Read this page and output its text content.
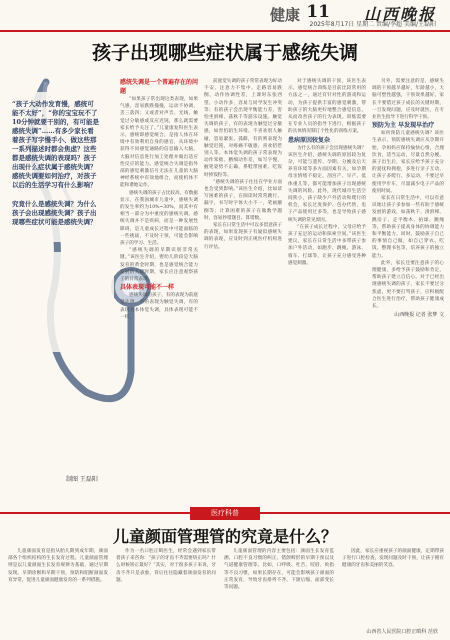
健康 11 山西晚报
2025年8月17日 星期二 责编/李超 美编/王磊阳
孩子出现哪些症状属于感统失调
“孩子大动作发育慢，感统可能不太好”，“你的宝宝玩不了10分钟就要干别的，有可能是感统失调”……有多少家长看着孩子写字慢手小、做这些那一系列描述时都会焦虑？这些都是感统失调的表现吗？孩子出现什么症状属于感统失调？感统失调要如何治疗，对孩子以后的生活学习有什么影响？
究竟什么是感统失调？为什么孩子会出现感统失调？孩子出现哪些症状可能是感统失调？
制图 王磊阳

感统失调是一个普遍存在的问题

“如果孩子常出现这类表现，如果气感，容易跌跌撞撞，运动不协调，丢三落四；又或者对声音、光线、触觉过分敏感或反应迟钝，那么就需要家长给予关注了。”儿童康复科医生表示，感统即感觉统合，是指人体在环境中有效利用自身的感官，从环境中获得不同感觉通路的信息输入大脑，大脑对信息进行加工处理并做出适应性反应的能力。感觉统合失调是指外部的感觉刺激信号无法在儿童的大脑神经系统中有效地组合，而使机体不能和谐地运作。

感统失调的孩子占比较高，有数据显示，在我国城市儿童中，感统失调的发生率约为10%~30%，而其中有相当一部分为中重度的感统失调。感统失调并不是疾病，而是一种发展性障碍，是儿童成长过程中可能面临的一些挑战，不及时干预，可能会影响孩子的学习、生活。

“感统失调的早期识别非常关键。”该医生介绍，婴幼儿阶段是大脑发育的黄金时期，也是感觉统合能力发展的关键时期，家长应注意观察孩子的日常表现。

具体表现可能不一样

感统失调的孩子，有的表现为前庭觉失调，有的表现为触觉失调，有的表现为本体觉失调，具体表现可能不一样。

前庭觉失调的孩子常常表现为好动不安、注意力不集中、走路容易跌倒、动作协调性差，上课时东张西望、小动作多，容易与同学发生冲突等；有的孩子会出现平衡能力差，害怕坐滑梯、荡秋千等游乐设施。触觉失调的孩子，有的表现为触觉过分敏感，如害怕陌生环境、不喜欢别人触碰，容易紧张、孤僻，有的则表现为触觉迟钝，对疼痛不敏感，喜欢招惹别人等。本体觉失调的孩子常表现为动作笨拙、精细动作差，如写字慢、握笔姿势不正确、系鞋带困难、吃饭时掉饭粒等。

“感统失调的孩子往往在学业方面也会受到影响。”该医生介绍，比如读写困难的孩子，在阅读时常常跳行、漏字，书写时字体大小不一，笔画颠倒等；计算困难的孩子在做数学题时，容易抄错题目、算错数。

家长在日常生活中可以多留意孩子的表现，如果发现孩子有疑似感统失调的表现，应及时到正规医疗机构进行评估。

对于感统失调的干预，该医生表示，感觉统合训练是目前比较常用的方法之一，通过有针对性的游戏和运动，为孩子提供丰富的感觉刺激，帮助孩子的大脑更好地整合感觉信息，从而改善孩子的行为表现。训练需要在专业人员的指导下进行，根据孩子的具体情况制订个性化的训练方案。

患病原因较复杂

为什么有的孩子会出现感统失调？该医生介绍，感统失调的原因较为复杂，可能与遗传、孕期、分娩及后天养育环境等多方面因素有关。如孕期母亲情绪不稳定、剖宫产、早产、低体重儿等，都可能增加孩子出现感统失调的风险。此外，现代城市生活空间狭小，孩子缺少户外活动和爬行的机会，家长过度保护、包办代替，电子产品使用过多等，也是导致孩子感统失调的常见原因。

“在孩子成长过程中，父母应给予孩子充足的运动和探索空间。”该医生建议，家长在日常生活中多带孩子参加户外活动，如跑步、跳绳、游泳、骑车、打球等，让孩子充分感受各种感觉刺激。

另外，需要注意的是，感统失调的干预越早越好，年龄越小，大脑可塑性越强，干预效果越好。家长不要错过孩子成长的关键时期，一旦发现问题，应及时就医，在专业医生指导下进行科学干预。

预防为主 早发现早治疗

如何预防儿童感统失调？该医生表示，预防感统失调应从孕期开始，孕妈妈应保持愉快心情，合理饮食，适当运动，尽量自然分娩。孩子出生后，家长应给予孩子充分的爱抚和拥抱，多进行亲子互动，让孩子多爬行、多运动，不要过早使用学步车，尽量减少电子产品的使用时间。

家长在日常生活中，可以有意识地让孩子多参加一些有助于感统发展的游戏，如荡秋千、滑滑梯、跳房子、走平衡木、拍球、跳绳等，帮助孩子提高身体的协调能力和平衡能力。同时，鼓励孩子自己的事情自己做，如自己穿衣、吃饭、整理书包等，培养孩子的独立能力。

此外，家长还要注意孩子的心理健康，多给予孩子鼓励和肯定，帮助孩子建立自信心。对于已经出现感统失调的孩子，家长不要过分焦虑，更不要打骂孩子，应积极配合医生进行治疗，帮助孩子健康成长。

山西晚报 记者 张梦 文
医疗科普
儿童颜面管理管的究竟是什么？

儿童颜面发育是指从胎儿期到成年期，颜面部各个组织结构的生长发育过程。儿童颜面管理则是以儿童颜面生长发育规律为基础，通过早期发现、早期诊断和早期干预，预防和阻断颜面发育异常，促进儿童颜面健康发育的一系列措施。

作为一名口腔正畸医生，经常会遇到家长带着孩子来咨询：“孩子的牙齿不齐需要矫正吗？什么时候矫正最好？”其实，对于很多孩子来说，牙齿不齐只是表象，背后往往隐藏着颜面发育的问题。

儿童颜面管理的内容主要包括：颜面生长发育监测、口腔不良习惯的纠正、错颌畸形的早期干预以及气道健康管理等。比如，口呼吸、吐舌、咬唇、吮指等不良习惯，如果长期存在，可能会影响孩子颜面的正常发育，导致牙齿排列不齐、下颌后缩、面部变长等问题。

因此，家长应重视孩子的颜面健康，定期带孩子进行口腔检查，发现问题及时干预，让孩子拥有健康的牙齿和美丽的笑容。

山西省人民医院口腔正畸科 范欣
